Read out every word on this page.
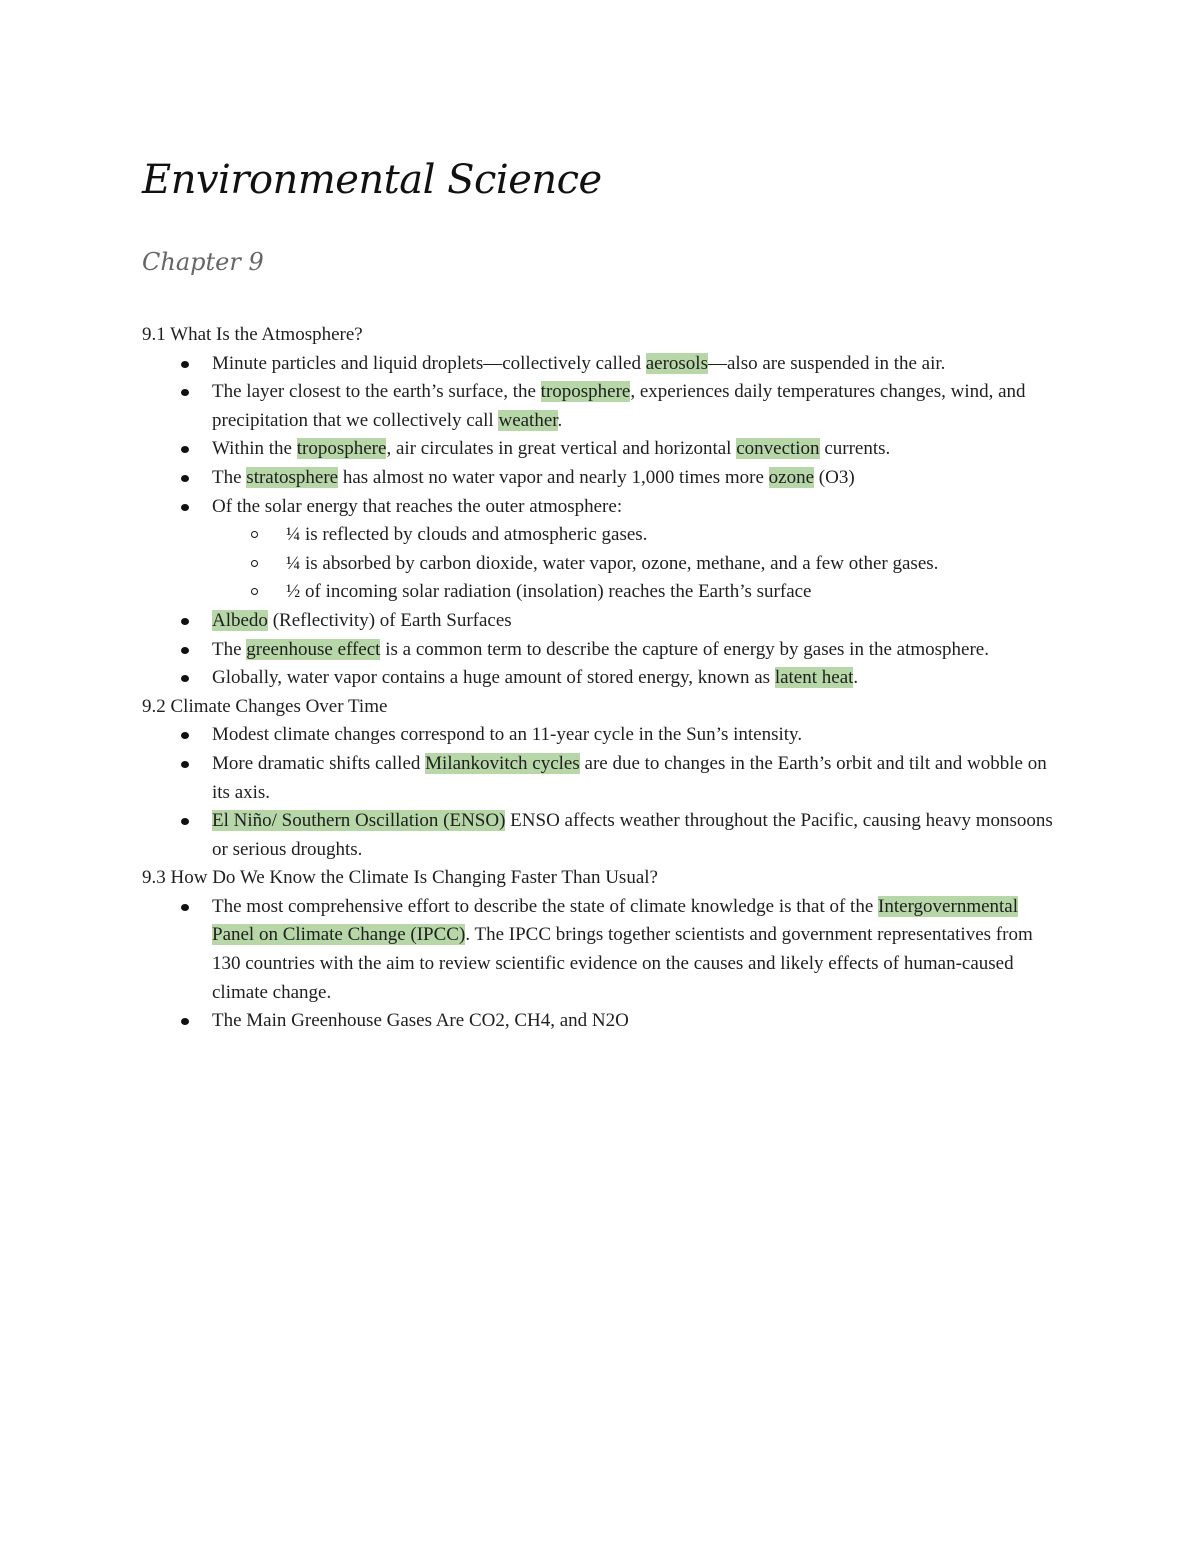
Environmental Science
Chapter 9

9.1 What Is the Atmosphere?

Minute particles and liquid droplets—collectively called aerosols—also are suspended in the air.
The layer closest to the earth’s surface, the troposphere, experiences daily temperatures changes, wind, and precipitation that we collectively call weather.
Within the troposphere, air circulates in great vertical and horizontal convection currents.
The stratosphere has almost no water vapor and nearly 1,000 times more ozone (O3)
Of the solar energy that reaches the outer atmosphere:
¼ is reflected by clouds and atmospheric gases.
¼ is absorbed by carbon dioxide, water vapor, ozone, methane, and a few other gases.
½ of incoming solar radiation (insolation) reaches the Earth’s surface
Albedo (Reflectivity) of Earth Surfaces
The greenhouse effect is a common term to describe the capture of energy by gases in the atmosphere.
Globally, water vapor contains a huge amount of stored energy, known as latent heat.

9.2 Climate Changes Over Time

Modest climate changes correspond to an 11-year cycle in the Sun’s intensity.
More dramatic shifts called Milankovitch cycles are due to changes in the Earth’s orbit and tilt and wobble on its axis.
El Niño/ Southern Oscillation (ENSO) ENSO affects weather throughout the Pacific, causing heavy monsoons or serious droughts.

9.3 How Do We Know the Climate Is Changing Faster Than Usual?

The most comprehensive effort to describe the state of climate knowledge is that of the Intergovernmental Panel on Climate Change (IPCC). The IPCC brings together scientists and government representatives from 130 countries with the aim to review scientific evidence on the causes and likely effects of human-caused climate change.
The Main Greenhouse Gases Are CO2, CH4, and N2O
